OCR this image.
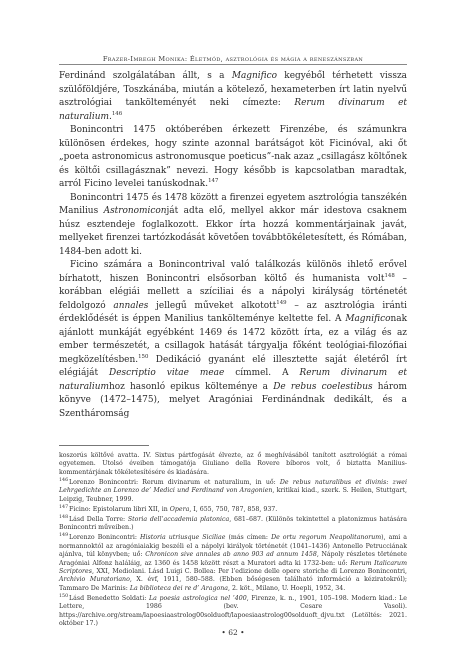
Frazer-Imregh Monika: Életmód, asztrológia és mágia a reneszánszban

Ferdinánd szolgálatában állt, s a Magnifico kegyéből térhetett vissza szülőföldjére, Toszkánába, miután a kötelező, hexameterben írt latin nyelvű asztrológiai tankölteményét neki címezte: Rerum divinarum et naturalium.$^{146}$

Bonincontri 1475 októberében érkezett Firenzébe, és számunkra különösen érdekes, hogy szinte azonnal barátságot köt Ficinóval, aki őt „poeta astronomicus astronomusque poeticus”-nak azaz „csillagász költőnek és költői csillagásznak” nevezi. Hogy később is kapcsolatban maradtak, arról Ficino levelei tanúskodnak.$^{147}$

Bonincontri 1475 és 1478 között a firenzei egyetem asztrológia tanszékén Manilius Astronomiconját adta elő, mellyel akkor már idestova csaknem húsz esztendeje foglalkozott. Ekkor írta hozzá kommentárjainak javát, mellyeket firenzei tartózkodását követően továbbtökéletesített, és Rómában, 1484-ben adott ki.

Ficino számára a Bonincontrival való találkozás különös ihlető erővel bírhatott, hiszen Bonincontri elsősorban költő és humanista volt$^{148}$ – korábban elégiái mellett a szíciliai és a nápolyi királyság történetét feldolgozó annales jellegű műveket alkotott$^{149}$ – az asztrológia iránti érdeklődését is éppen Manilius tankölteménye keltette fel. A Magnificonak ajánlott munkáját egyébként 1469 és 1472 között írta, ez a világ és az ember természetét, a csillagok hatását tárgyalja főként teológiai-filozófiai megközelítésben.$^{150}$ Dedikáció gyanánt elé illesztette saját életéről írt elégiáját Descriptio vitae meae címmel. A Rerum divinarum et naturaliumhoz hasonló epikus költeménye a De rebus coelestibus három könyve (1472–1475), melyet Aragóniai Ferdinándnak dedikált, és a Szentháromság

koszorús költővé avatta. IV. Sixtus pártfogását élvezte, az ő meghívásából tanított asztrológiát a római egyetemen. Utolsó éveiben támogatója Giuliano della Rovere bíboros volt, ő biztatta Manilius-kommentárjának tökéletesítésére és kiadására.
146Lorenzo Bonincontri: Rerum divinarum et naturalium, in uő: De rebus naturalibus et divinis: zwei Lehrgedichte an Lorenzo de’ Medici und Ferdinand von Aragonien, kritikai kiad., szerk. S. Heilen, Stuttgart, Leipzig, Teubner, 1999.
147Ficino: Epistolarum libri XII, in Opera, I, 655, 750, 787, 858, 937.
148Lásd Della Torre: Storia dell’accademia platonica, 681–687. (Különös tekintettel a platonizmus hatására Bonincontri műveiben.)
149Lorenzo Bonincontri: Historia utriusque Siciliae (más címen: De ortu regorum Neapolitanorum), ami a normannoktól az aragóniaiakig beszéli el a nápolyi királyok történetét (1041–1436) Antonello Petrucciának ajánlva, túl könyvben; uő: Chronicon sive annales ab anno 903 ad annum 1458, Nápoly részletes története Aragóniai Alfonz haláláig, az 1360 és 1458 között részt a Muratori adta ki 1732-ben: uő: Rerum Italicarum Scriptores, XXI, Mediolani. Lásd Luigi C. Bollea: Per l’edizione delle opere storiche di Lorenzo Bonincontri, Archivio Muratoriano, X. évf, 1911, 580–588. (Ebben bőségesen található információ a kéziratokról); Tammaro De Marinis: La biblioteca dei re d’ Aragona, 2. köt., Milano, U. Hoepli, 1952, 34.
150Lásd Benedetto Soldati: La poesia astrologica nel ’400, Firenze, k. n., 1901, 105–198. Modern kiad.: Le Lettere, 1986 (bev. Cesare Vasoli). https://archive.org/stream/lapoesiaastrolog00solduoft/lapoesiaastrolog00solduoft_djvu.txt (Letöltés: 2021. október 17.)
• 62 •
